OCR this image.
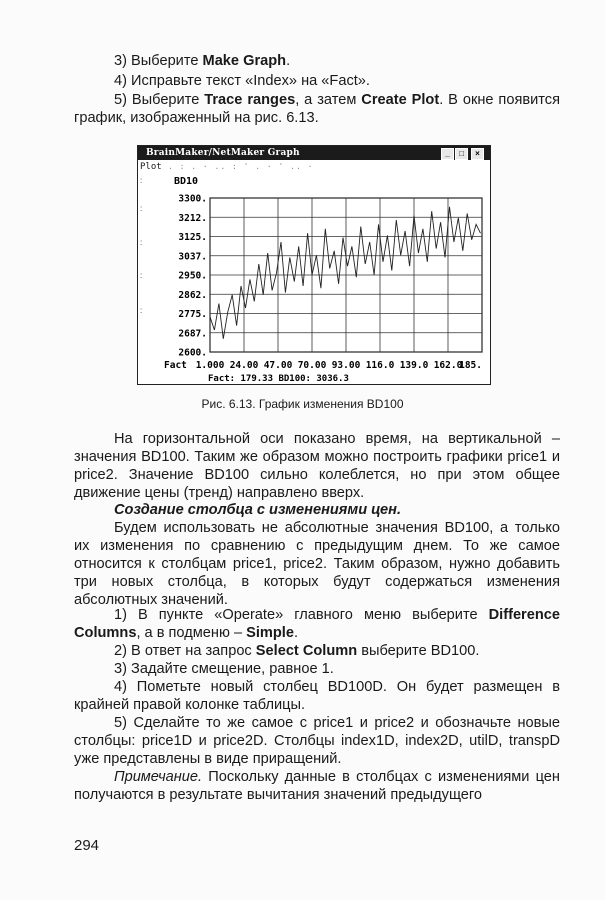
3) Выберите Make Graph.

4) Исправьте текст «Index» на «Fact».

5) Выберите Trace ranges, а затем Create Plot. В окне появится график, изображенный на рис. 6.13.

BrainMaker/NetMaker Graph	_	□	×
Plot . : . · .. : ' . · ' .. ·
BD10
3300.
3212.
3125.
3037.
2950.
2862.
2775.
2687.
2600.
1.000 24.00 47.00 70.00 93.00 116.0 139.0 162.0
185.
Fact
Fact: 179.33 BD100: 3036.3
:
:
:
:
:
Рис. 6.13. График изменения BD100

На горизонтальной оси показано время, на вертикальной – значения BD100. Таким же образом можно построить графики price1 и price2. Значение BD100 сильно колеблется, но при этом общее движение цены (тренд) направлено вверх.

Создание столбца с изменениями цен.

Будем использовать не абсолютные значения BD100, а только их изменения по сравнению с предыдущим днем. То же самое относится к столбцам price1, price2. Таким образом, нужно добавить три новых столбца, в которых будут содержаться изменения абсолютных значений.

1) В пункте «Operate» главного меню выберите Difference Columns, а в подменю – Simple.

2) В ответ на запрос Select Column выберите BD100.

3) Задайте смещение, равное 1.

4) Пометьте новый столбец BD100D. Он будет размещен в крайней правой колонке таблицы.

5) Сделайте то же самое с price1 и price2 и обозначьте новые столбцы: price1D и price2D. Столбцы index1D, index2D, utilD, transpD уже представлены в виде приращений.

Примечание. Поскольку данные в столбцах с изменениями цен получаются в результате вычитания значений предыдущего

294
